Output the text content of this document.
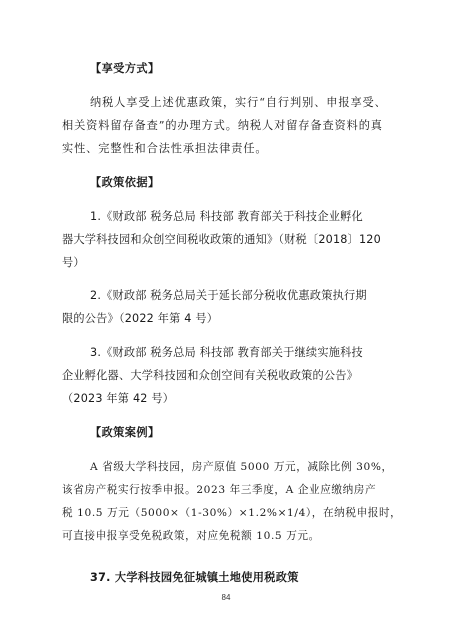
【享受方式】
纳税人享受上述优惠政策，实行“自行判别、申报享受、
相关资料留存备查”的办理方式。纳税人对留存备查资料的真
实性、完整性和合法性承担法律责任。
【政策依据】
1.《财政部 税务总局 科技部 教育部关于科技企业孵化
器大学科技园和众创空间税收政策的通知》（财税〔2018〕120
号）
2.《财政部 税务总局关于延长部分税收优惠政策执行期
限的公告》（2022 年第 4 号）
3.《财政部 税务总局 科技部 教育部关于继续实施科技
企业孵化器、大学科技园和众创空间有关税收政策的公告》
（2023 年第 42 号）
【政策案例】
A 省级大学科技园，房产原值 5000 万元，减除比例 30%，
该省房产税实行按季申报。2023 年三季度，A 企业应缴纳房产
税 10.5 万元（5000×（1-30%）×1.2%×1/4），在纳税申报时，
可直接申报享受免税政策，对应免税额 10.5 万元。
37. 大学科技园免征城镇土地使用税政策
84
